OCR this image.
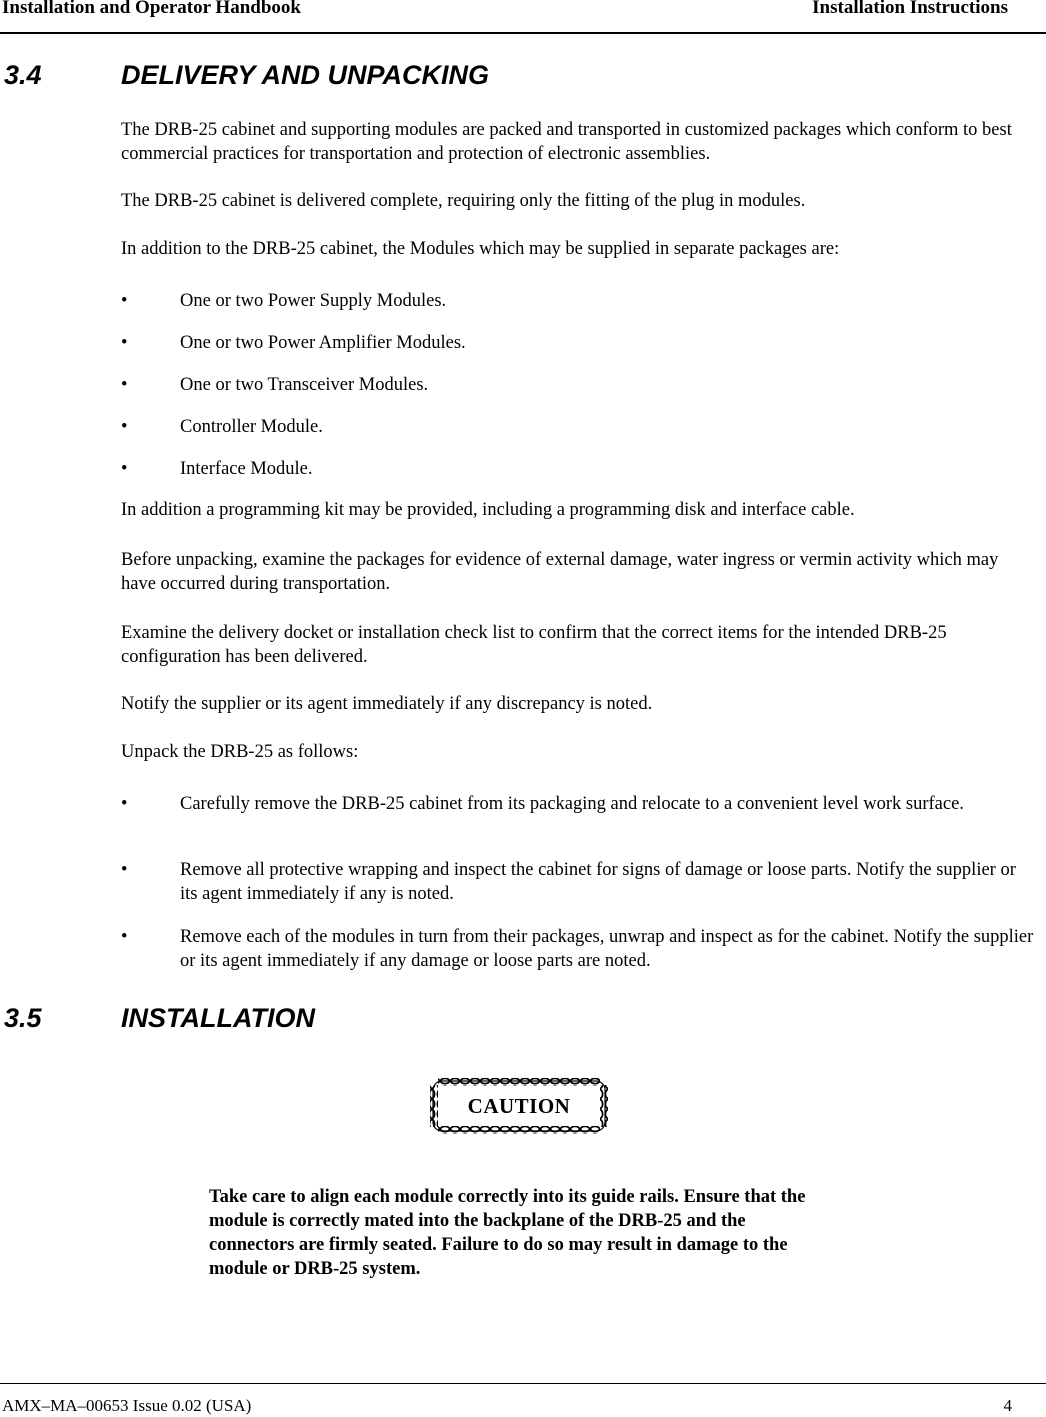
Installation and Operator Handbook	Installation Instructions
3.4	DELIVERY AND UNPACKING
The DRB-25 cabinet and supporting modules are packed and transported in customized packages which conform to best commercial practices for transportation and protection of electronic assemblies.
The DRB-25 cabinet is delivered complete, requiring only the fitting of the plug in modules.
In addition to the DRB-25 cabinet, the Modules which may be supplied in separate packages are:
•	One or two Power Supply Modules.
•	One or two Power Amplifier Modules.
•	One or two Transceiver Modules.
•	Controller Module.
•	Interface Module.
In addition a programming kit may be provided, including a programming disk and interface cable.
Before unpacking, examine the packages for evidence of external damage, water ingress or vermin activity which may have occurred during transportation.
Examine the delivery docket or installation check list to confirm that the correct items for the intended DRB-25 configuration has been delivered.
Notify the supplier or its agent immediately if any discrepancy is noted.
Unpack the DRB-25 as follows:
•	Carefully remove the DRB-25 cabinet from its packaging and relocate to a convenient level work surface.
•	Remove all protective wrapping and inspect the cabinet for signs of damage or loose parts. Notify the supplier or its agent immediately if any is noted.
•	Remove each of the modules in turn from their packages, unwrap and inspect as for the cabinet. Notify the supplier or its agent immediately if any damage or loose parts are noted.
3.5	INSTALLATION
CAUTION
Take care to align each module correctly into its guide rails. Ensure that the module is correctly mated into the backplane of the DRB-25 and the connectors are firmly seated. Failure to do so may result in damage to the module or DRB-25 system.
AMX–MA–00653 Issue 0.02 (USA)	4
